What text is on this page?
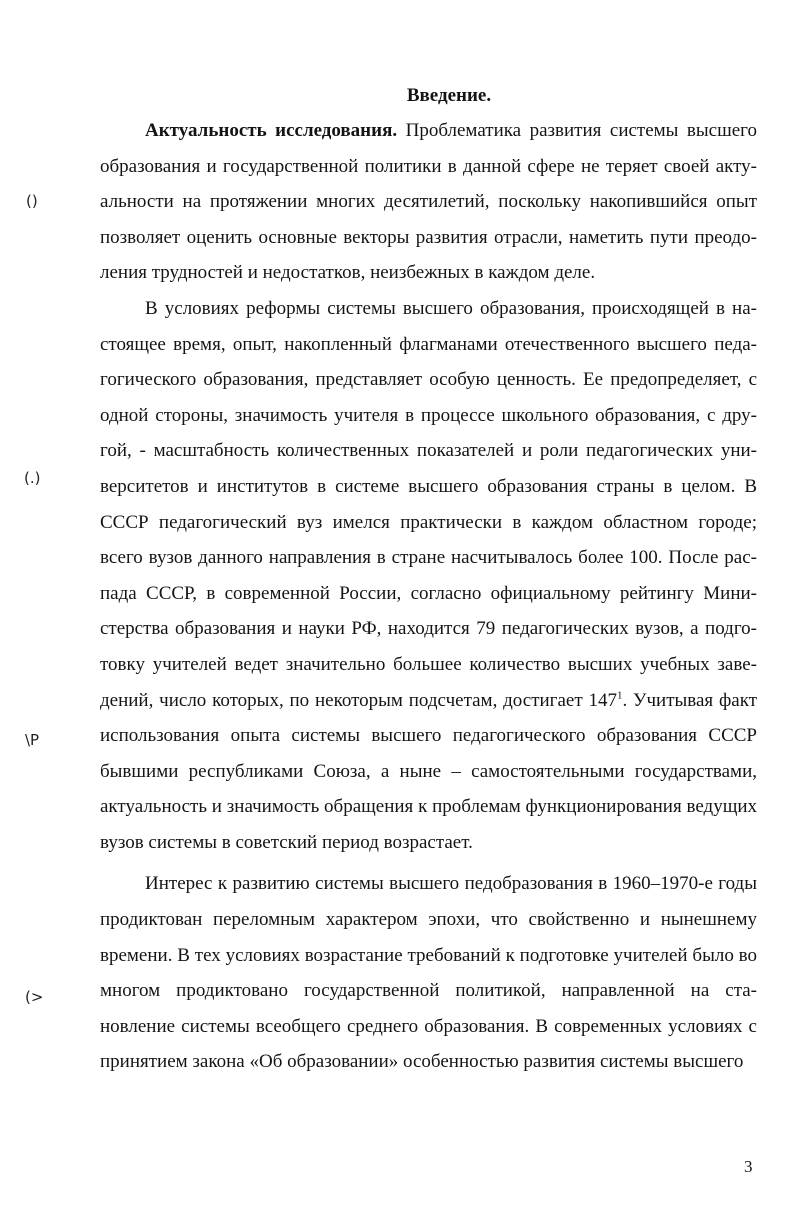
Введение.

Актуальность исследования. Проблематика развития системы высшего образования и государственной политики в данной сфере не теряет своей актуальности на протяжении многих десятилетий, поскольку накопившийся опыт позволяет оценить основные векторы развития отрасли, наметить пути преодоления трудностей и недостатков, неизбежных в каждом деле.

В условиях реформы системы высшего образования, происходящей в настоящее время, опыт, накопленный флагманами отечественного высшего педагогического образования, представляет особую ценность. Ее предопределяет, с одной стороны, значимость учителя в процессе школьного образования, с другой, - масштабность количественных показателей и роли педагогических университетов и институтов в системе высшего образования страны в целом. В СССР педагогический вуз имелся практически в каждом областном городе; всего вузов данного направления в стране насчитывалось более 100. После распада СССР, в современной России, согласно официальному рейтингу Министерства образования и науки РФ, находится 79 педагогических вузов, а подготовку учителей ведет значительно большее количество высших учебных заведений, число которых, по некоторым подсчетам, достигает $147^1$. Учитывая факт использования опыта системы высшего педагогического образования СССР бывшими республиками Союза, а ныне – самостоятельными государствами, актуальность и значимость обращения к проблемам функционирования ведущих вузов системы в советский период возрастает.

Интерес к развитию системы высшего педобразования в 1960–1970-е годы продиктован переломным характером эпохи, что свойственно и нынешнему времени. В тех условиях возрастание требований к подготовке учителей было во многом продиктовано государственной политикой, направленной на становление системы всеобщего среднего образования. В современных условиях с принятием закона «Об образовании» особенностью развития системы высшего

()
(.)
\P
(>
3
